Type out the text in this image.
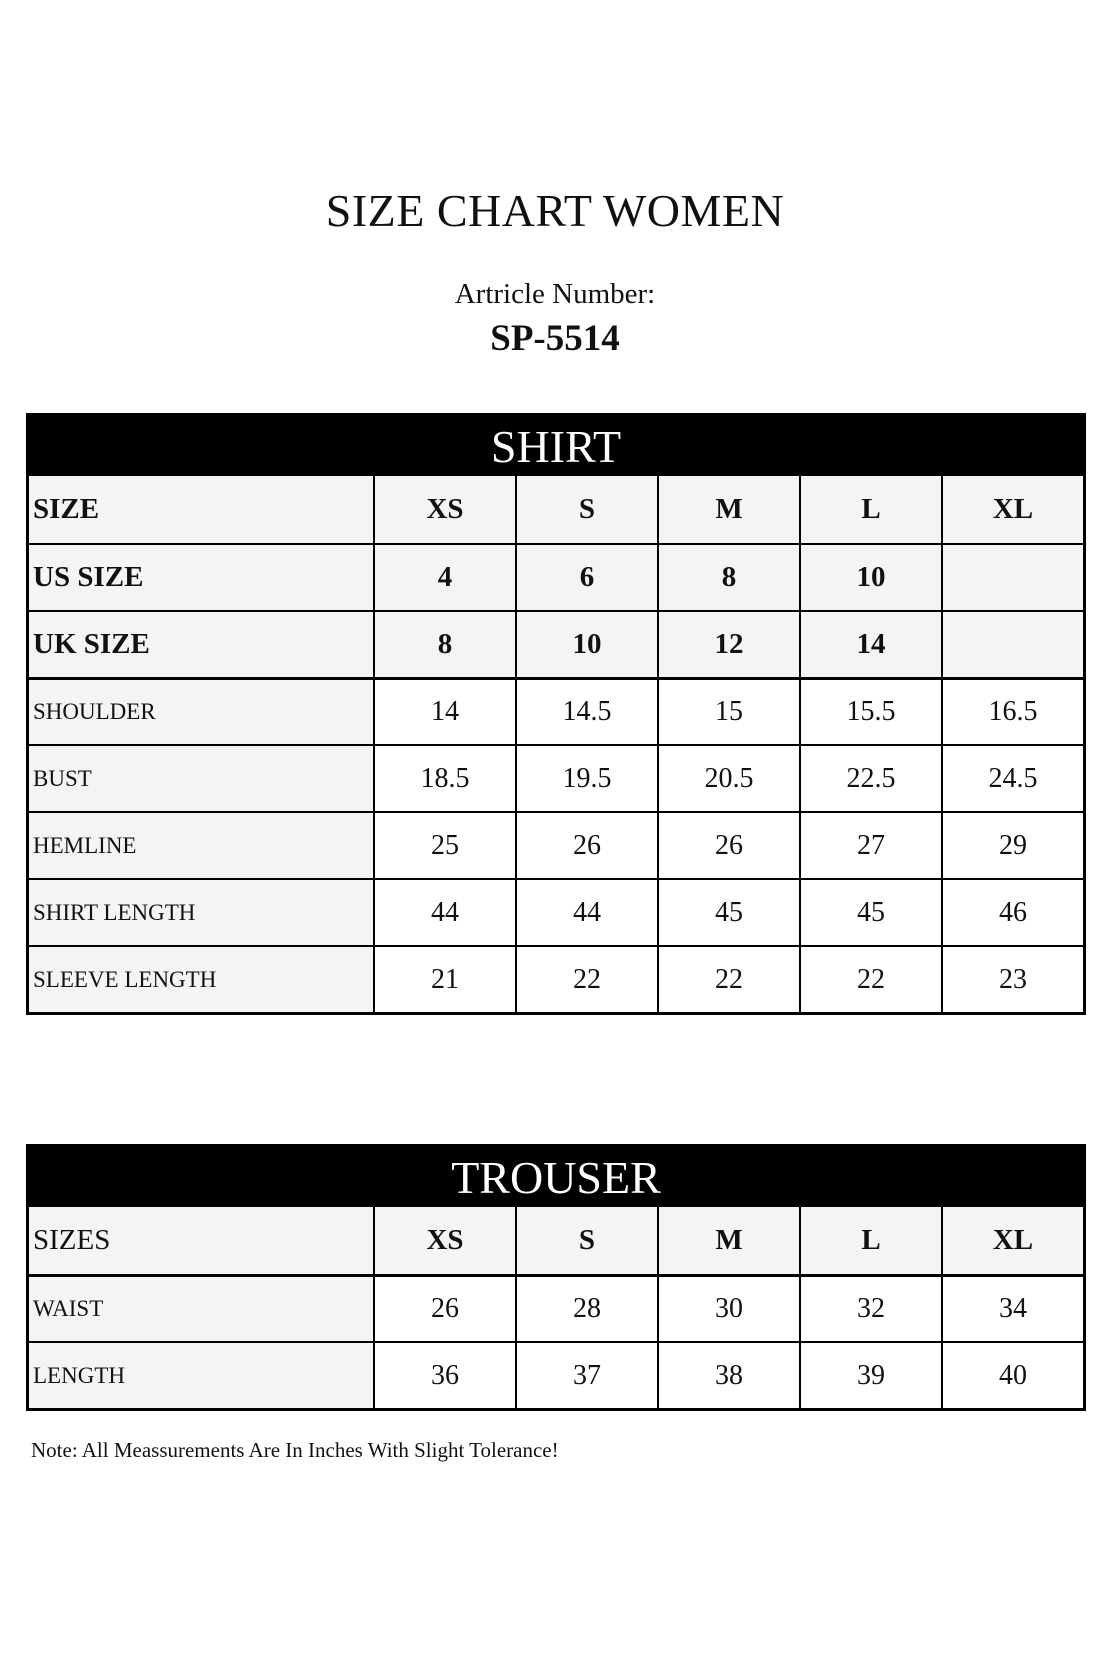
SIZE CHART WOMEN
Artricle Number:
SP-5514
SHIRT
SIZE	XS	S	M	L	XL
US SIZE	4	6	8	10
UK SIZE	8	10	12	14
SHOULDER	14	14.5	15	15.5	16.5
BUST	18.5	19.5	20.5	22.5	24.5
HEMLINE	25	26	26	27	29
SHIRT LENGTH	44	44	45	45	46
SLEEVE LENGTH	21	22	22	22	23
TROUSER
SIZES	XS	S	M	L	XL
WAIST	26	28	30	32	34
LENGTH	36	37	38	39	40
Note: All Meassurements Are In Inches With Slight Tolerance!
